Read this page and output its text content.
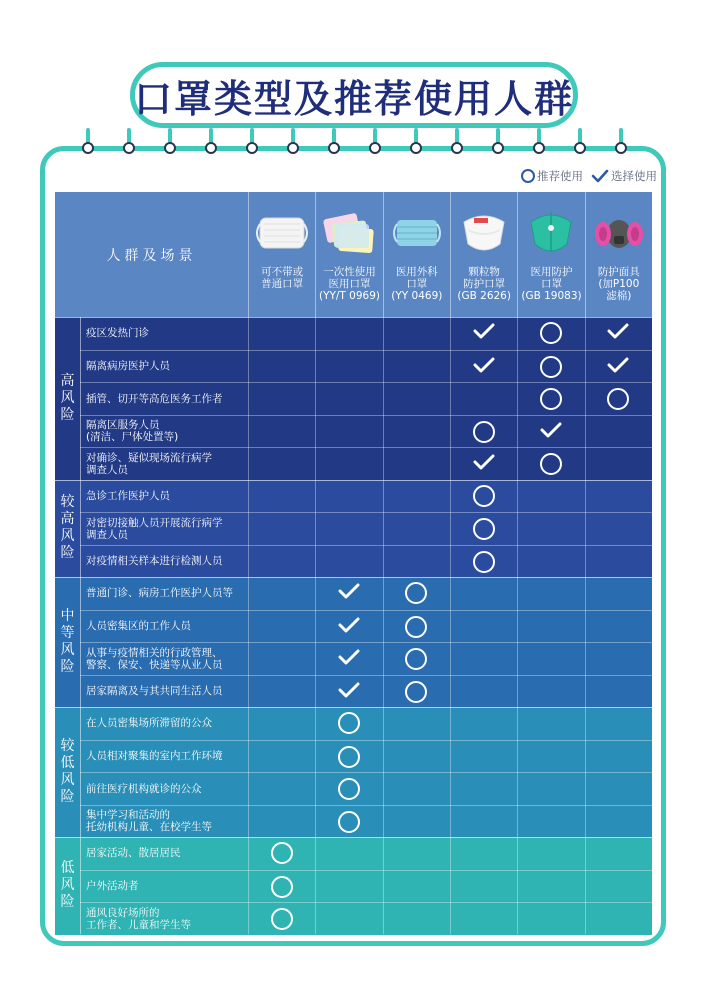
口罩类型及推荐使用人群
推荐使用 选择使用
人群及场景
可不带或
普通口罩
一次性使用
医用口罩
(YY/T 0969)
医用外科
口罩
(YY 0469)
颗粒物
防护口罩
(GB 2626)
医用防护
口罩
(GB 19083)
防护面具
(加P100
滤棉)
高
风
险
疫区发热门诊
隔离病房医护人员
插管、切开等高危医务工作者
隔离区服务人员
(清洁、尸体处置等)
对确诊、疑似现场流行病学
调查人员
较
高
风
险
急诊工作医护人员
对密切接触人员开展流行病学
调查人员
对疫情相关样本进行检测人员
中
等
风
险
普通门诊、病房工作医护人员等
人员密集区的工作人员
从事与疫情相关的行政管理、
警察、保安、快递等从业人员
居家隔离及与其共同生活人员
较
低
风
险
在人员密集场所滞留的公众
人员相对聚集的室内工作环境
前往医疗机构就诊的公众
集中学习和活动的
托幼机构儿童、在校学生等
低
风
险
居家活动、散居居民
户外活动者
通风良好场所的
工作者、儿童和学生等
